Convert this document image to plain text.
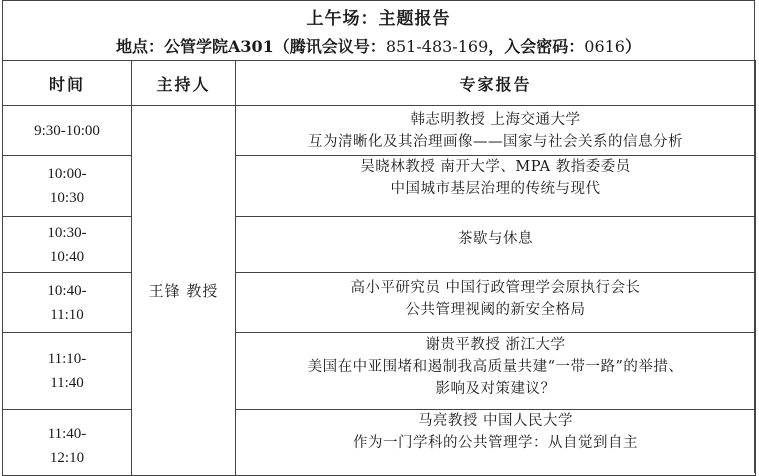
上午场：主题报告
地点：公管学院A301（腾讯会议号：851-483-169，入会密码：0616）
时间	主持人	专家报告

9:30-10:00	王锋 教授	韩志明教授 上海交通大学
互为清晰化及其治理画像——国家与社会关系的信息分析

10:00-
10:30		吴晓林教授 南开大学、MPA 教指委委员
中国城市基层治理的传统与现代

10:30-
10:40		茶歇与休息

10:40-
11:10		高小平研究员 中国行政管理学会原执行会长
公共管理视阈的新安全格局

11:10-
11:40		谢贵平教授 浙江大学
美国在中亚围堵和遏制我高质量共建“一带一路”的举措、
影响及对策建议？

11:40-
12:10		马亮教授 中国人民大学
作为一门学科的公共管理学：从自觉到自主
